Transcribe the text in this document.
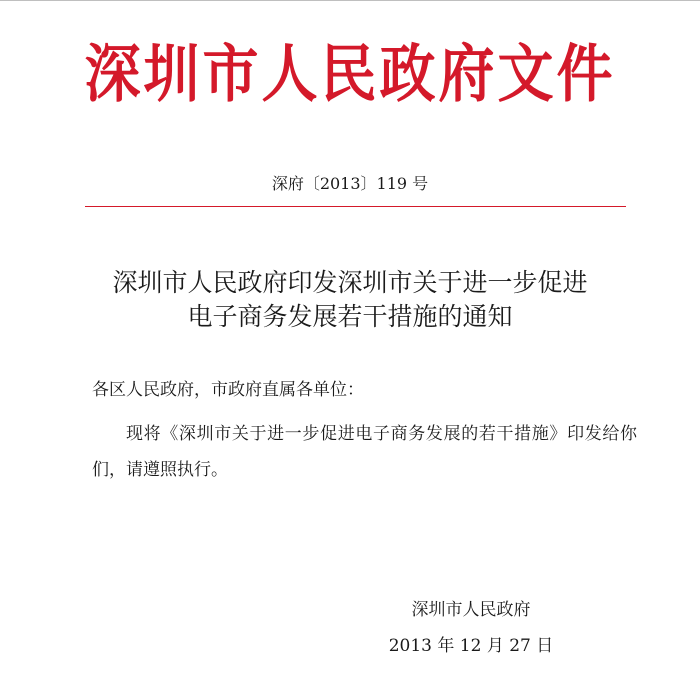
深圳市人民政府文件
深府〔2013〕119 号
深圳市人民政府印发深圳市关于进一步促进
电子商务发展若干措施的通知
各区人民政府，市政府直属各单位：

现将《深圳市关于进一步促进电子商务发展的若干措施》印发给你们，请遵照执行。

深圳市人民政府
2013 年 12 月 27 日
